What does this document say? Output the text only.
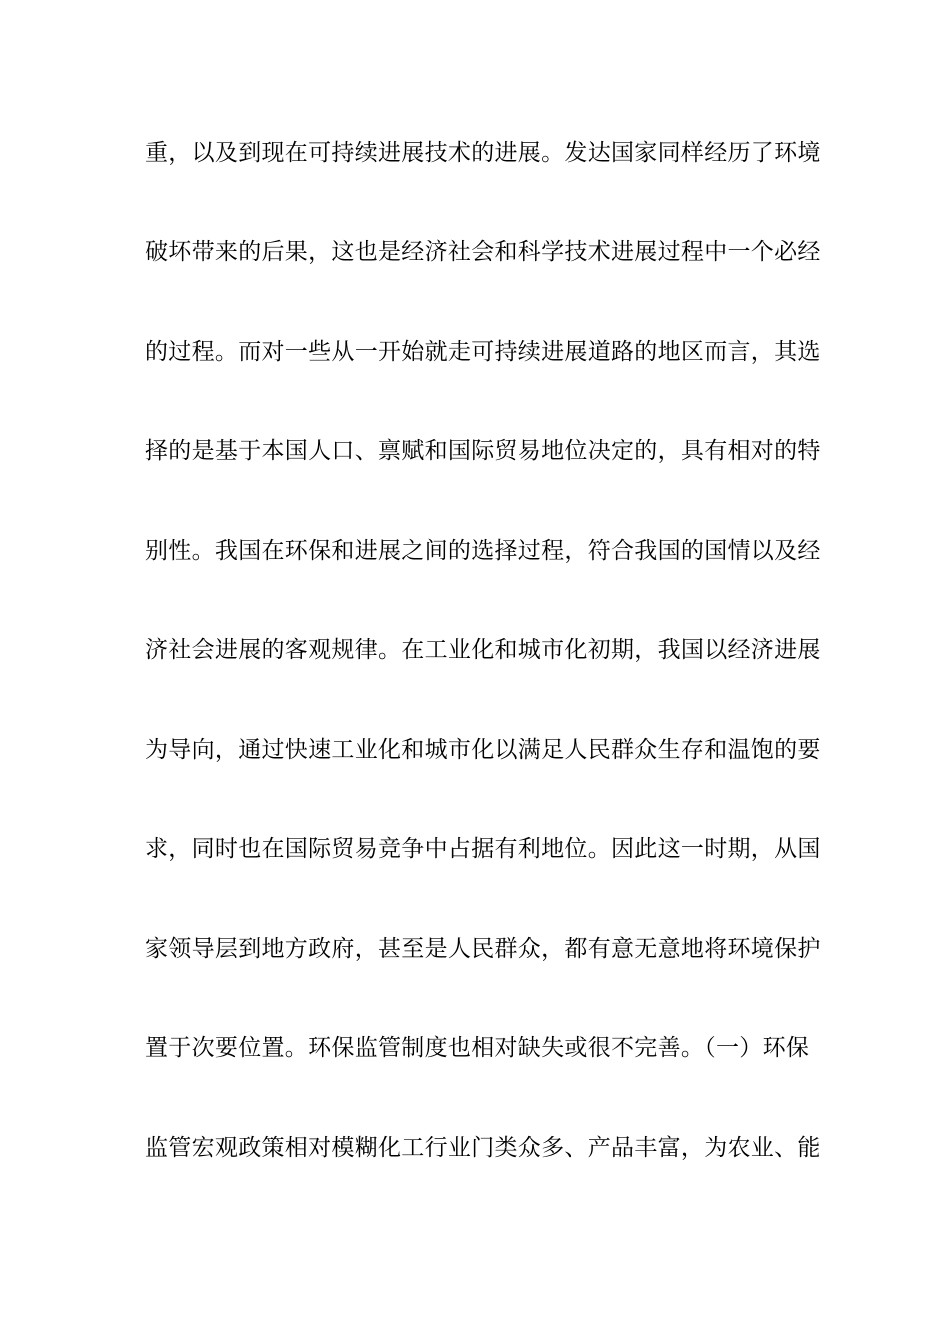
重，以及到现在可持续进展技术的进展。发达国家同样经历了环境
破坏带来的后果，这也是经济社会和科学技术进展过程中一个必经
的过程。而对一些从一开始就走可持续进展道路的地区而言，其选
择的是基于本国人口、禀赋和国际贸易地位决定的，具有相对的特
别性。我国在环保和进展之间的选择过程，符合我国的国情以及经
济社会进展的客观规律。在工业化和城市化初期，我国以经济进展
为导向，通过快速工业化和城市化以满足人民群众生存和温饱的要
求，同时也在国际贸易竞争中占据有利地位。因此这一时期，从国
家领导层到地方政府，甚至是人民群众，都有意无意地将环境保护
置于次要位置。环保监管制度也相对缺失或很不完善。（一）环保
监管宏观政策相对模糊化工行业门类众多、产品丰富，为农业、能
